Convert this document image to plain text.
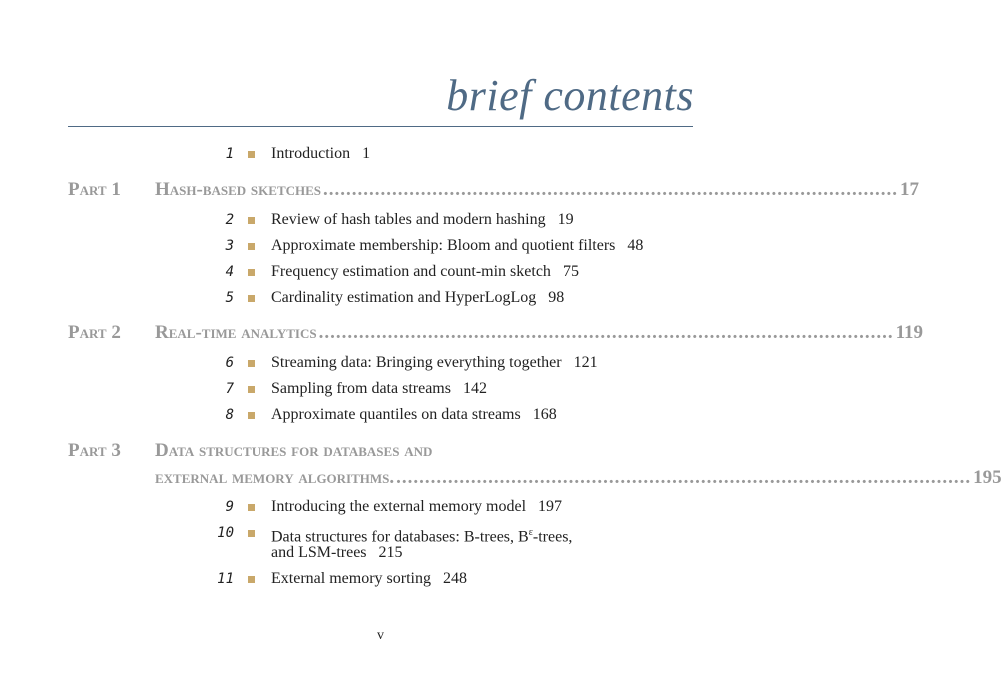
brief contents
1 Introduction 1
Part 1 Hash-based sketches .................................................................................................... 17
2 Review of hash tables and modern hashing 19
3 Approximate membership: Bloom and quotient filters 48
4 Frequency estimation and count-min sketch 75
5 Cardinality estimation and HyperLogLog 98
Part 2 Real-time analytics .................................................................................................... 119
6 Streaming data: Bringing everything together 121
7 Sampling from data streams 142
8 Approximate quantiles on data streams 168
Part 3 Data structures for databases and
external memory algorithms. .................................................................................................... 195
9 Introducing the external memory model 197
10 Data structures for databases: B-trees, $B^\varepsilon$-trees,
and LSM-trees 215
11 External memory sorting 248
v
